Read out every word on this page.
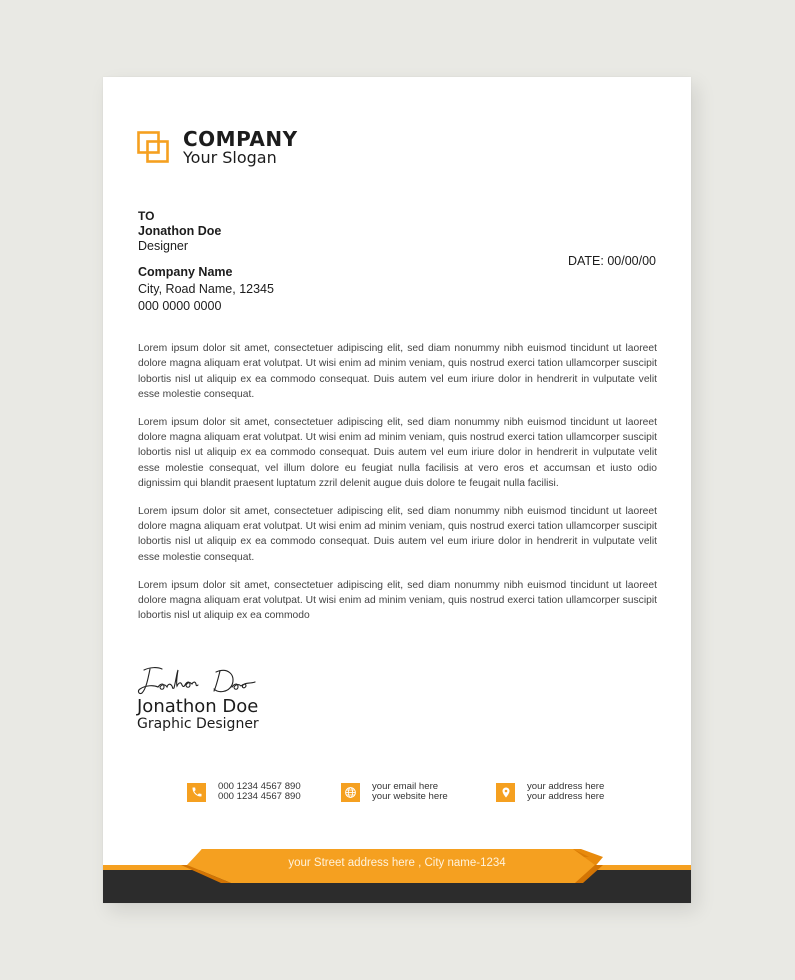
COMPANY
Your Slogan
TO
Jonathon Doe
Designer
Company Name
City, Road Name, 12345
000 0000 0000
DATE: 00/00/00

Lorem ipsum dolor sit amet, consectetuer adipiscing elit, sed diam nonummy nibh euismod tincidunt ut laoreet dolore magna aliquam erat volutpat. Ut wisi enim ad minim veniam, quis nostrud exerci tation ullamcorper suscipit lobortis nisl ut aliquip ex ea commodo consequat. Duis autem vel eum iriure dolor in hendrerit in vulputate velit esse molestie consequat.

Lorem ipsum dolor sit amet, consectetuer adipiscing elit, sed diam nonummy nibh euismod tincidunt ut laoreet dolore magna aliquam erat volutpat. Ut wisi enim ad minim veniam, quis nostrud exerci tation ullamcorper suscipit lobortis nisl ut aliquip ex ea commodo consequat. Duis autem vel eum iriure dolor in hendrerit in vulputate velit esse molestie consequat, vel illum dolore eu feugiat nulla facilisis at vero eros et accumsan et iusto odio dignissim qui blandit praesent luptatum zzril delenit augue duis dolore te feugait nulla facilisi.

Lorem ipsum dolor sit amet, consectetuer adipiscing elit, sed diam nonummy nibh euismod tincidunt ut laoreet dolore magna aliquam erat volutpat. Ut wisi enim ad minim veniam, quis nostrud exerci tation ullamcorper suscipit lobortis nisl ut aliquip ex ea commodo consequat. Duis autem vel eum iriure dolor in hendrerit in vulputate velit esse molestie consequat.

Lorem ipsum dolor sit amet, consectetuer adipiscing elit, sed diam nonummy nibh euismod tincidunt ut laoreet dolore magna aliquam erat volutpat. Ut wisi enim ad minim veniam, quis nostrud exerci tation ullamcorper suscipit lobortis nisl ut aliquip ex ea commodo

Jonathon Doe
Graphic Designer
000 1234 4567 890
000 1234 4567 890
your email here
your website here
your address here
your address here
your Street address here , City name-1234
